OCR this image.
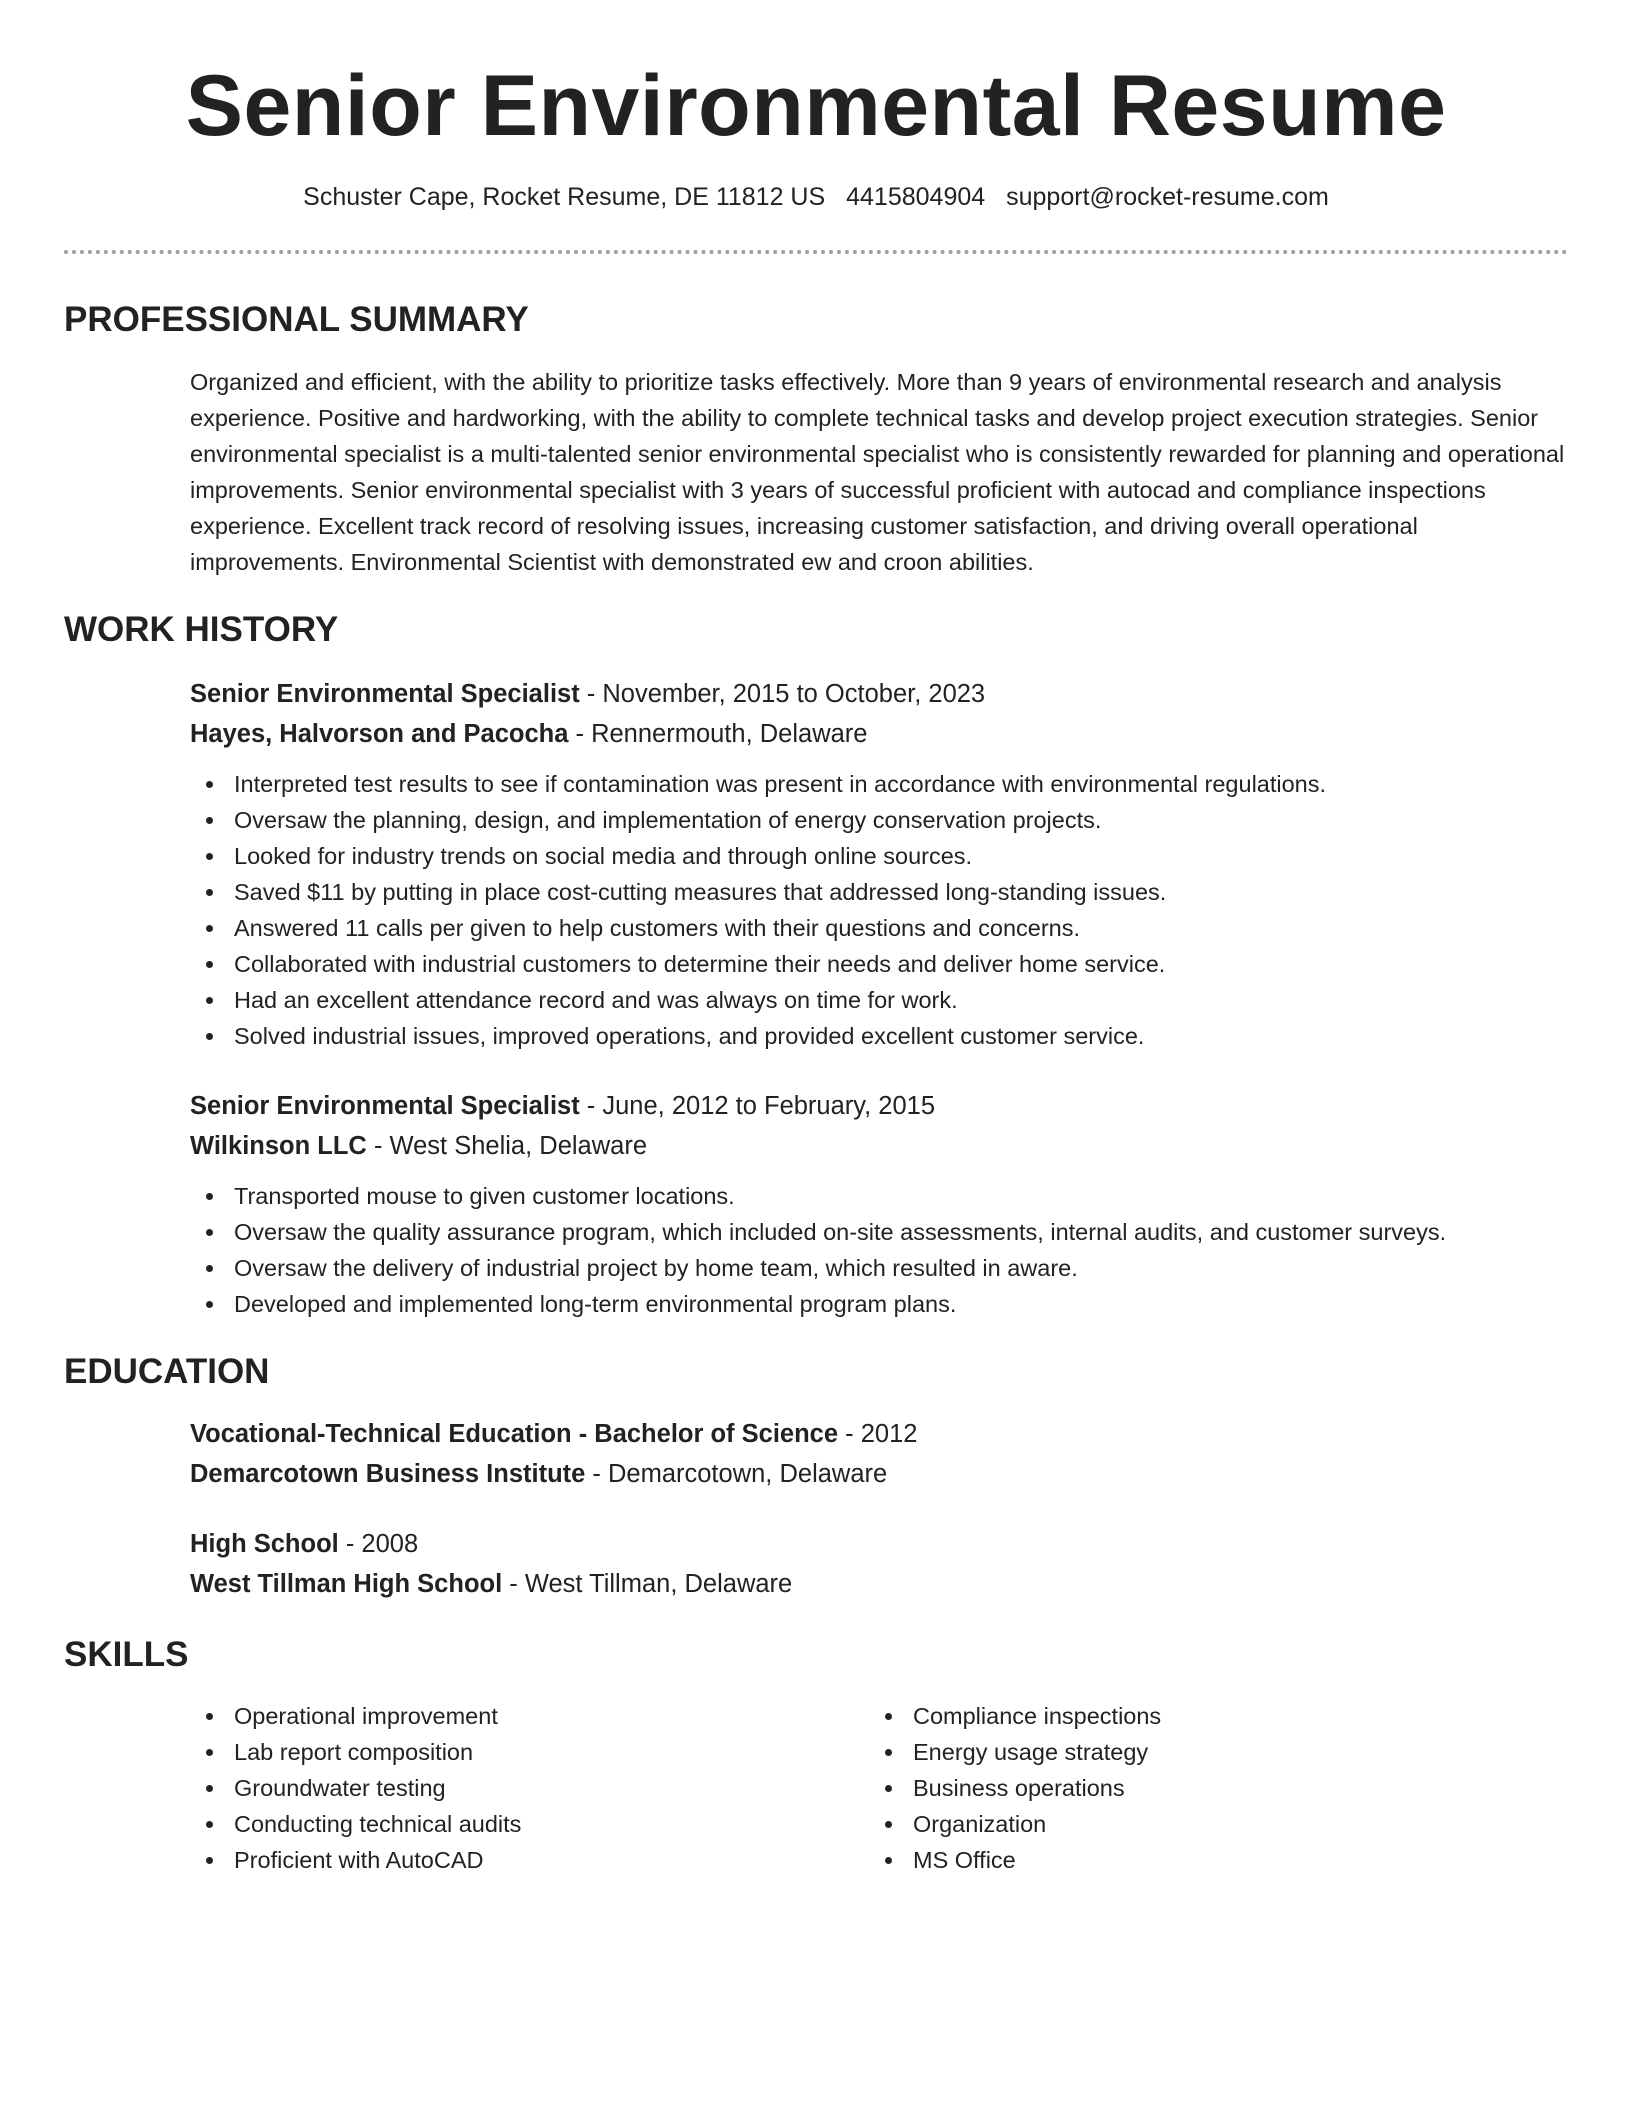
Senior Environmental Resume
Schuster Cape, Rocket Resume, DE 11812 US 4415804904 support@rocket-resume.com
PROFESSIONAL SUMMARY

Organized and efficient, with the ability to prioritize tasks effectively. More than 9 years of environmental research and analysis experience. Positive and hardworking, with the ability to complete technical tasks and develop project execution strategies. Senior environmental specialist is a multi-talented senior environmental specialist who is consistently rewarded for planning and operational improvements. Senior environmental specialist with 3 years of successful proficient with autocad and compliance inspections experience. Excellent track record of resolving issues, increasing customer satisfaction, and driving overall operational improvements. Environmental Scientist with demonstrated ew and croon abilities.

WORK HISTORY
Senior Environmental Specialist - November, 2015 to October, 2023
Hayes, Halvorson and Pacocha - Rennermouth, Delaware
Interpreted test results to see if contamination was present in accordance with environmental regulations.
Oversaw the planning, design, and implementation of energy conservation projects.
Looked for industry trends on social media and through online sources.
Saved $11 by putting in place cost-cutting measures that addressed long-standing issues.
Answered 11 calls per given to help customers with their questions and concerns.
Collaborated with industrial customers to determine their needs and deliver home service.
Had an excellent attendance record and was always on time for work.
Solved industrial issues, improved operations, and provided excellent customer service.
Senior Environmental Specialist - June, 2012 to February, 2015
Wilkinson LLC - West Shelia, Delaware
Transported mouse to given customer locations.
Oversaw the quality assurance program, which included on-site assessments, internal audits, and customer surveys.
Oversaw the delivery of industrial project by home team, which resulted in aware.
Developed and implemented long-term environmental program plans.
EDUCATION
Vocational-Technical Education - Bachelor of Science - 2012
Demarcotown Business Institute - Demarcotown, Delaware
High School - 2008
West Tillman High School - West Tillman, Delaware
SKILLS
Operational improvement
Lab report composition
Groundwater testing
Conducting technical audits
Proficient with AutoCAD
Compliance inspections
Energy usage strategy
Business operations
Organization
MS Office
